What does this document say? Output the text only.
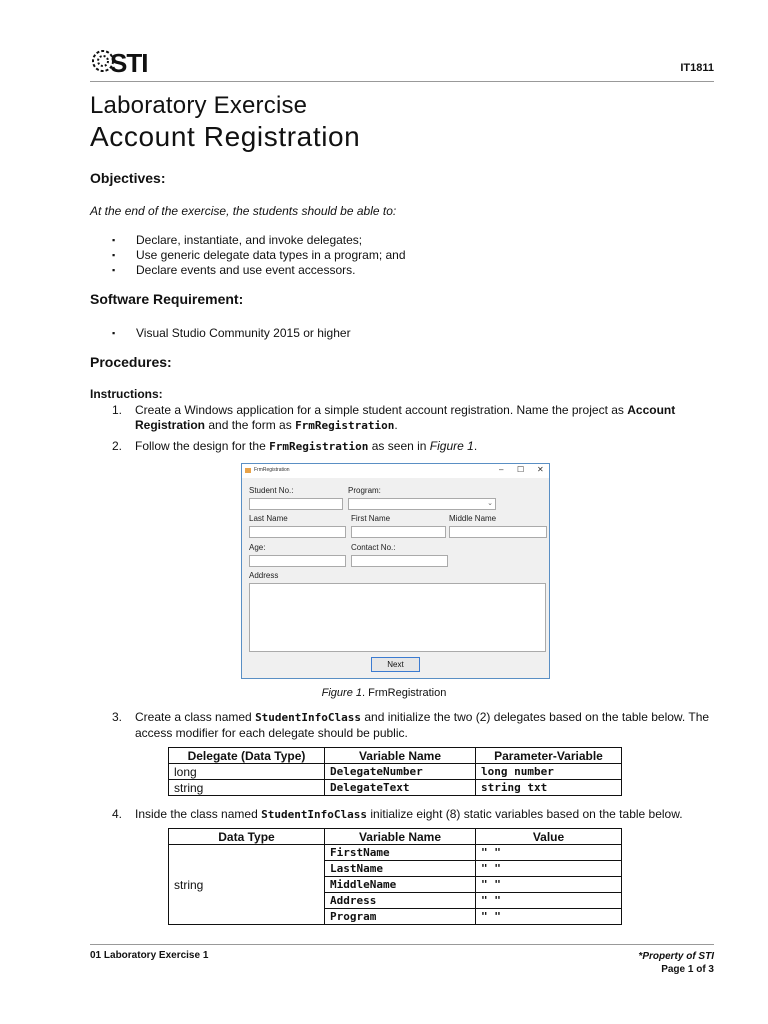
STI	IT1811
Laboratory Exercise
Account Registration
Objectives:
At the end of the exercise, the students should be able to:
▪ Declare, instantiate, and invoke delegates;
▪ Use generic delegate data types in a program; and
▪ Declare events and use event accessors.
Software Requirement:
▪ Visual Studio Community 2015 or higher
Procedures:
Instructions:
1. Create a Windows application for a simple student account registration. Name the project as Account Registration and the form as FrmRegistration.
2. Follow the design for the FrmRegistration as seen in Figure 1.
FrmRegistration	– ☐ ✕
Student No.:	Program:
⌄
Last Name	First Name	Middle Name
Age:	Contact No.:
Address
Next
Figure 1. FrmRegistration
3. Create a class named StudentInfoClass and initialize the two (2) delegates based on the table below. The access modifier for each delegate should be public.
Delegate (Data Type)	Variable Name	Parameter-Variable
long	DelegateNumber	long number
string	DelegateText	string txt
4. Inside the class named StudentInfoClass initialize eight (8) static variables based on the table below.
Data Type	Variable Name	Value
string	FirstName	" "
	LastName	" "
	MiddleName	" "
	Address	" "
	Program	" "
01 Laboratory Exercise 1	*Property of STI
Page 1 of 3
